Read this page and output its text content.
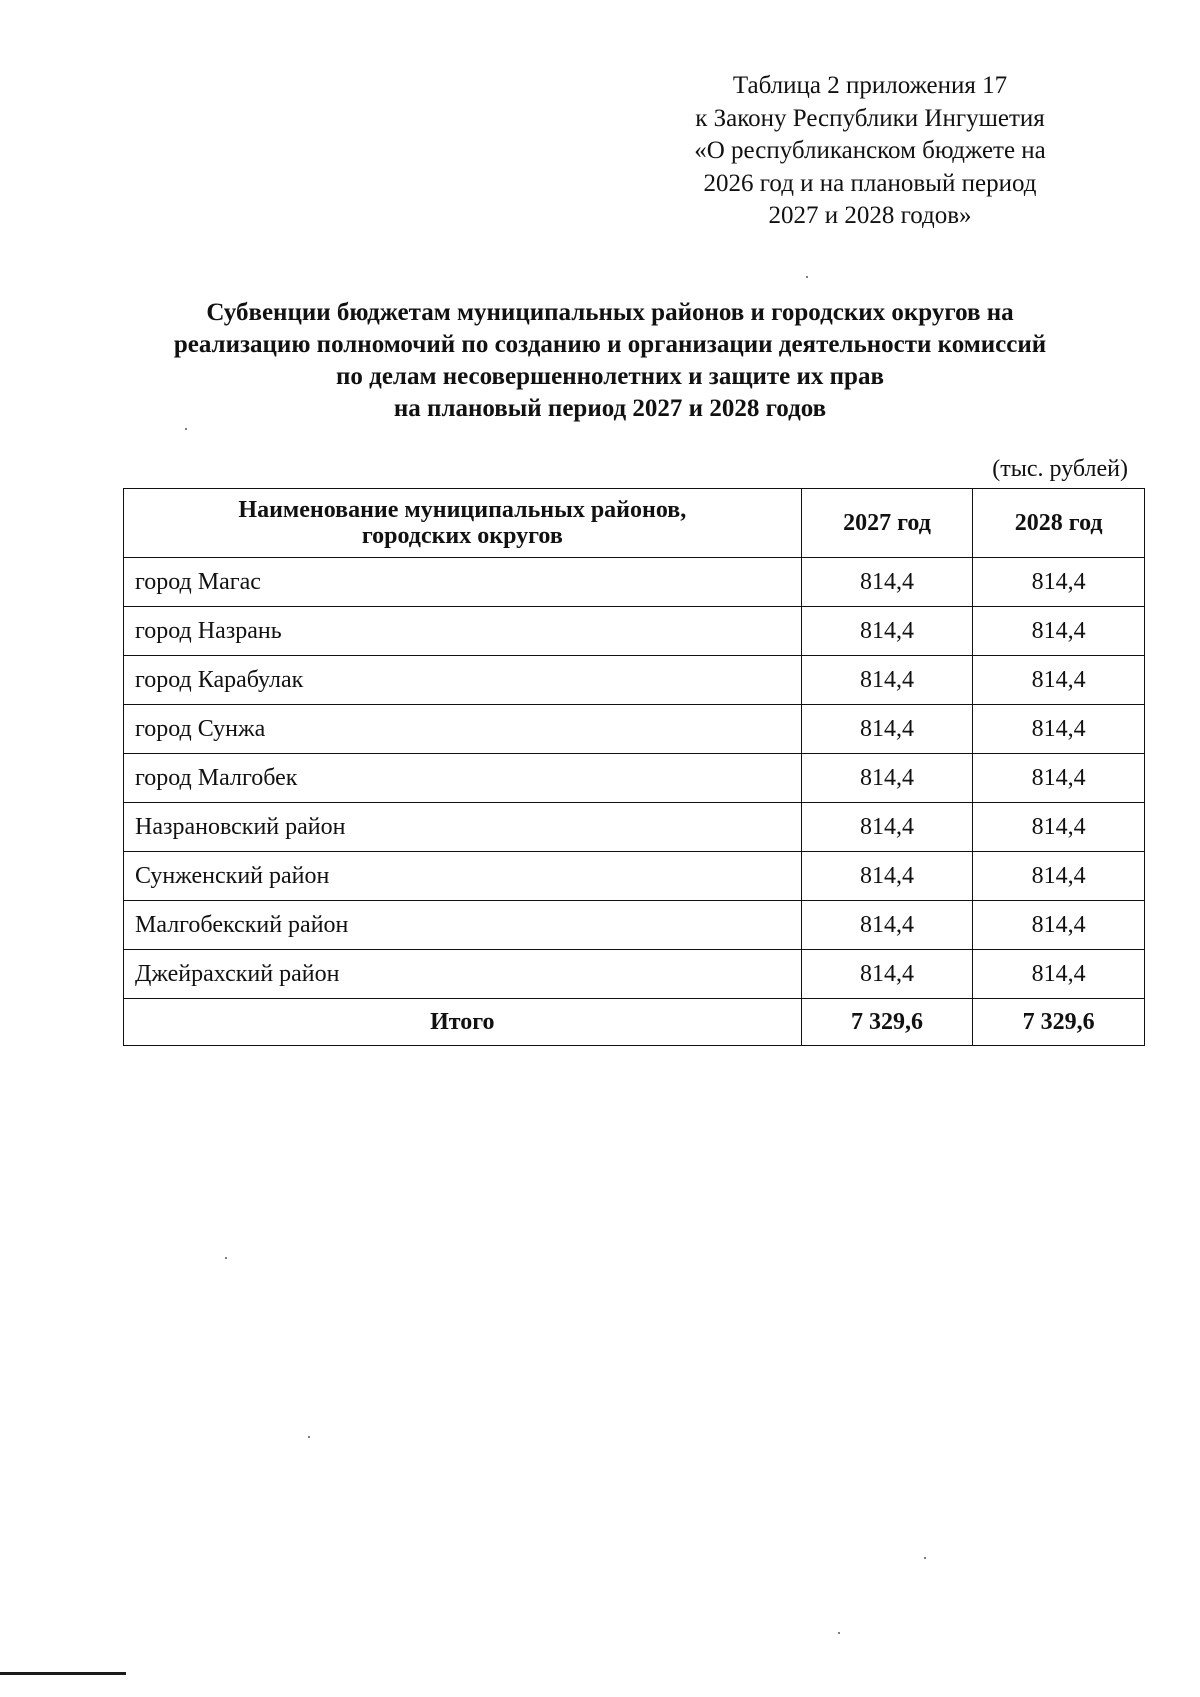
Таблица 2 приложения 17
к Закону Республики Ингушетия
«О республиканском бюджете на
2026 год и на плановый период
2027 и 2028 годов»
Субвенции бюджетам муниципальных районов и городских округов на
реализацию полномочий по созданию и организации деятельности комиссий
по делам несовершеннолетних и защите их прав
на плановый период 2027 и 2028 годов
(тыс. рублей)
Наименование муниципальных районов,
городских округов	2027 год	2028 год
город Магас	814,4	814,4
город Назрань	814,4	814,4
город Карабулак	814,4	814,4
город Сунжа	814,4	814,4
город Малгобек	814,4	814,4
Назрановский район	814,4	814,4
Сунженский район	814,4	814,4
Малгобекский район	814,4	814,4
Джейрахский район	814,4	814,4
Итого	7 329,6	7 329,6
